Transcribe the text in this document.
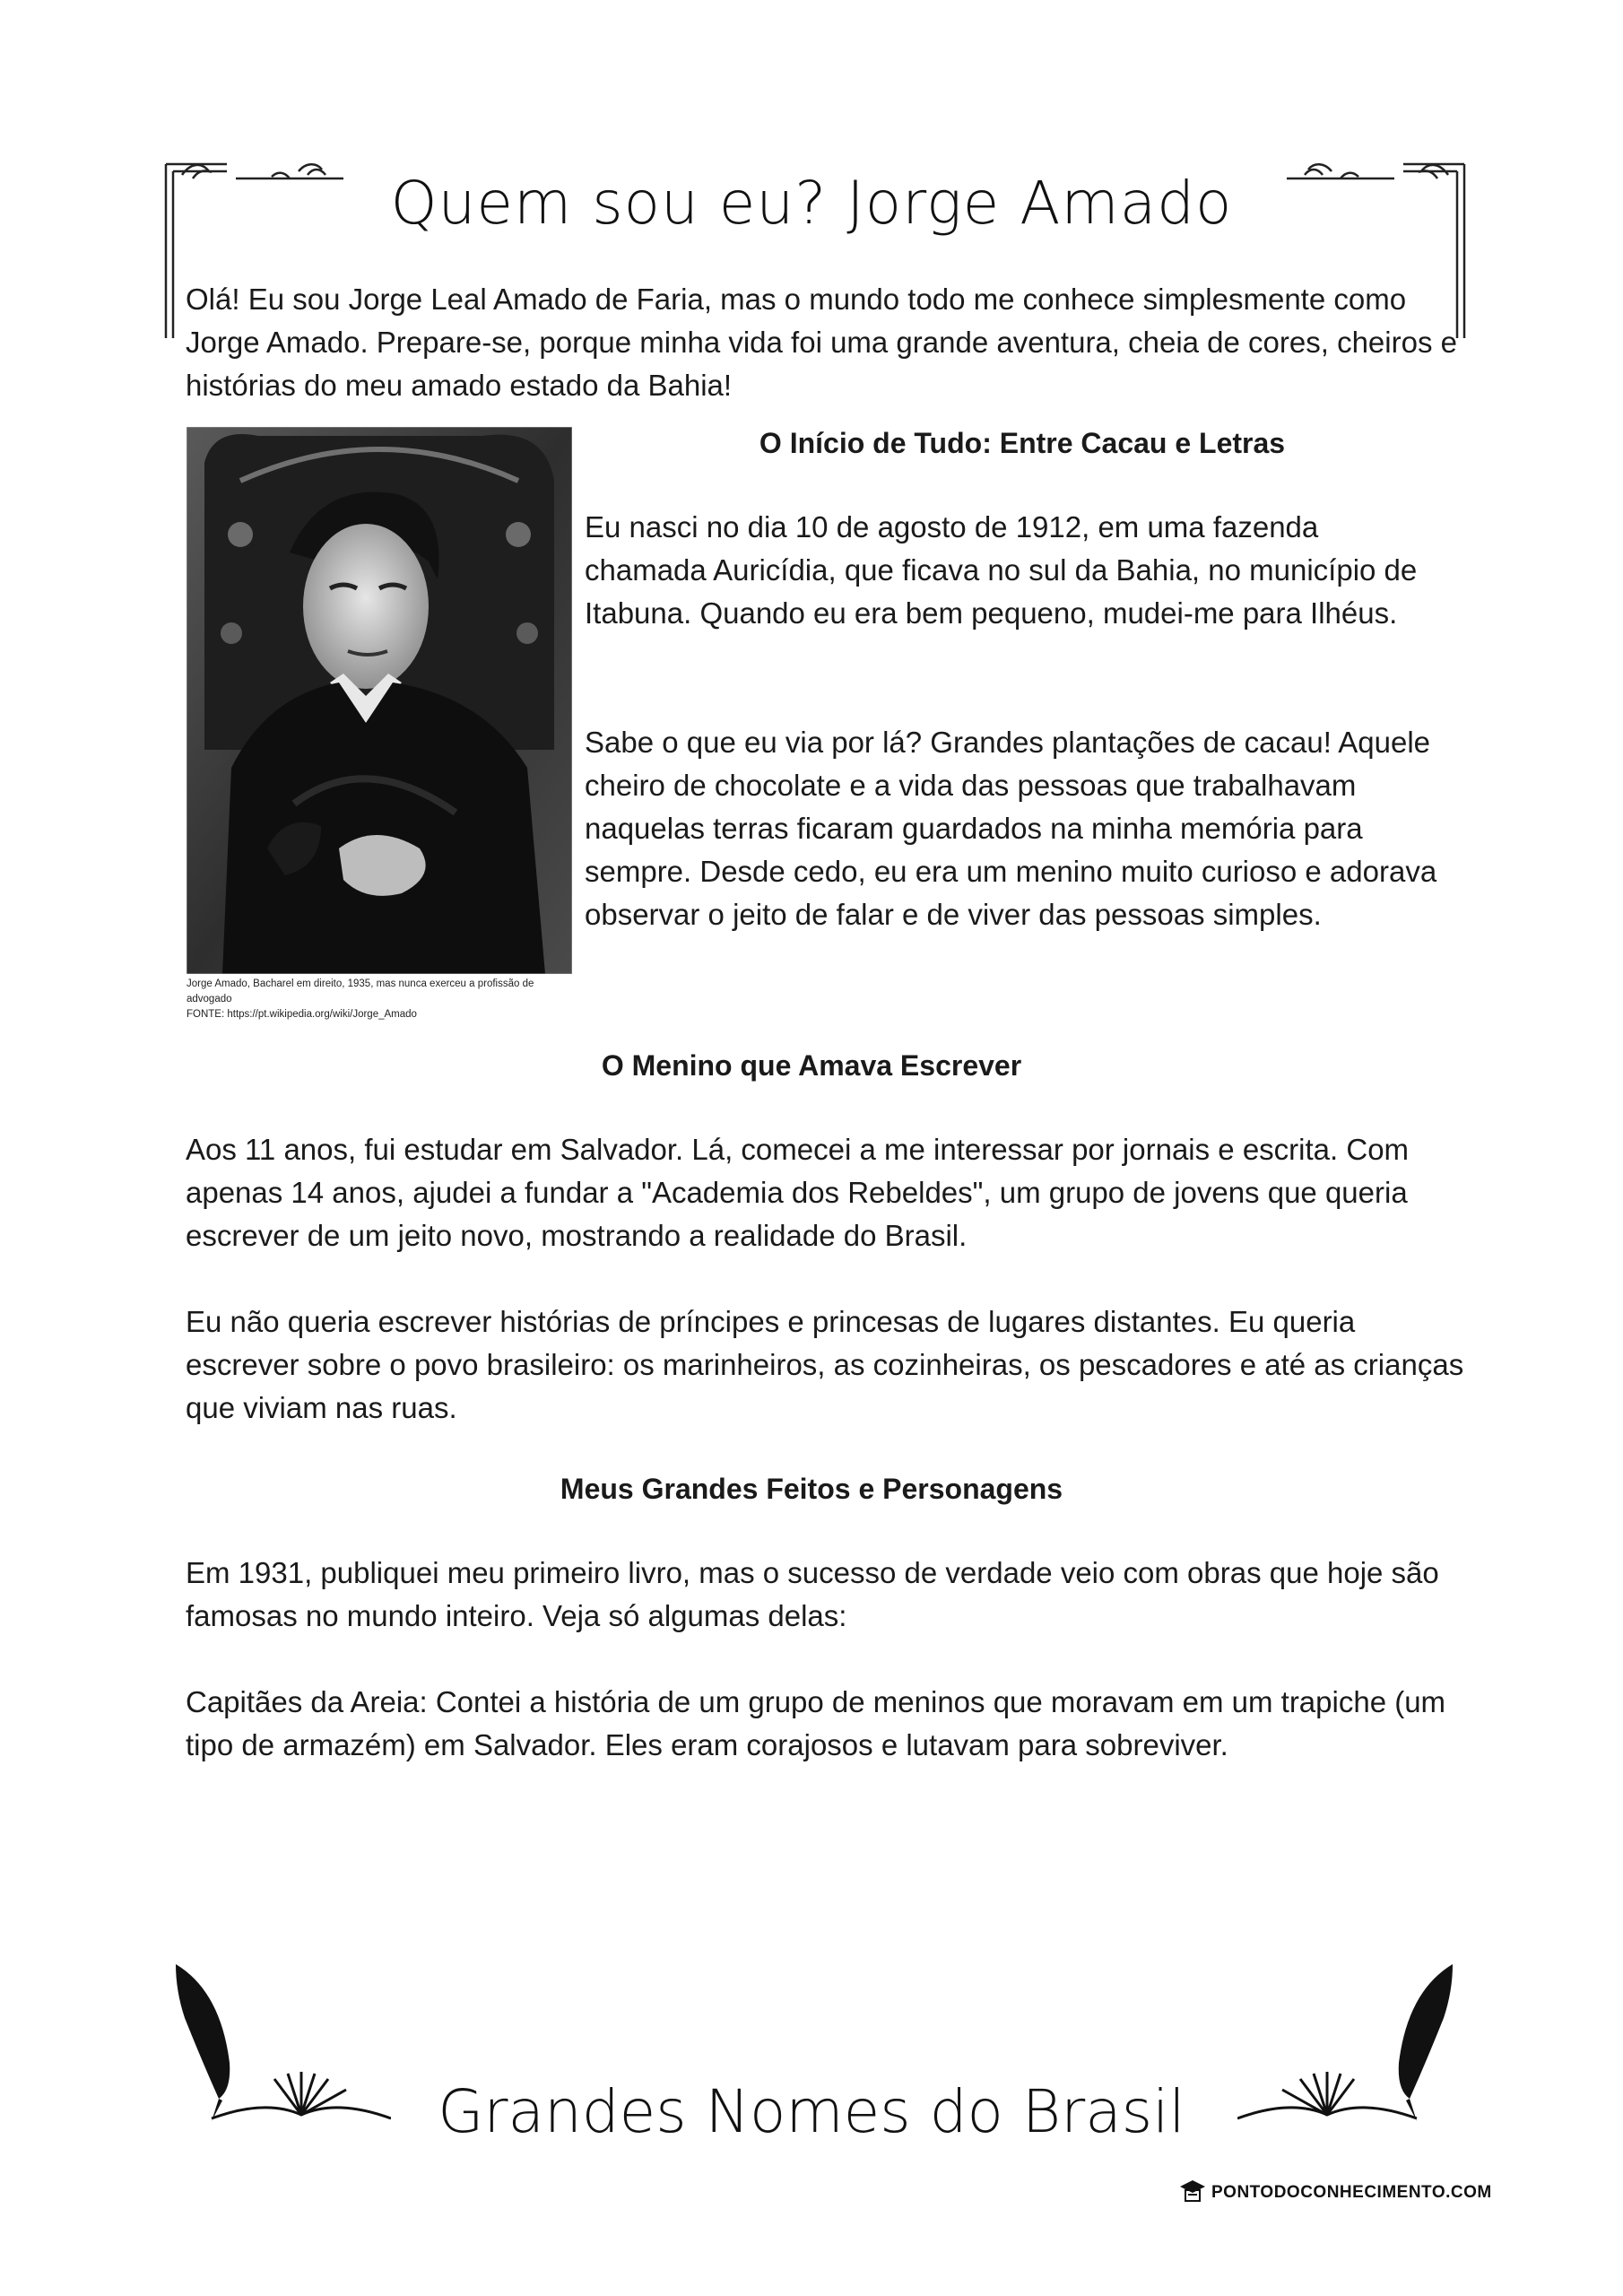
Quem sou eu? Jorge Amado

Olá! Eu sou Jorge Leal Amado de Faria, mas o mundo todo me conhece simplesmente como Jorge Amado. Prepare-se, porque minha vida foi uma grande aventura, cheia de cores, cheiros e histórias do meu amado estado da Bahia!

Jorge Amado, Bacharel em direito, 1935, mas nunca exerceu a profissão de advogado
FONTE: https://pt.wikipedia.org/wiki/Jorge_Amado

O Início de Tudo: Entre Cacau e Letras

Eu nasci no dia 10 de agosto de 1912, em uma fazenda chamada Auricídia, que ficava no sul da Bahia, no município de Itabuna. Quando eu era bem pequeno, mudei-me para Ilhéus.

Sabe o que eu via por lá? Grandes plantações de cacau! Aquele cheiro de chocolate e a vida das pessoas que trabalhavam naquelas terras ficaram guardados na minha memória para sempre. Desde cedo, eu era um menino muito curioso e adorava observar o jeito de falar e de viver das pessoas simples.

O Menino que Amava Escrever

Aos 11 anos, fui estudar em Salvador. Lá, comecei a me interessar por jornais e escrita. Com apenas 14 anos, ajudei a fundar a "Academia dos Rebeldes", um grupo de jovens que queria escrever de um jeito novo, mostrando a realidade do Brasil.

Eu não queria escrever histórias de príncipes e princesas de lugares distantes. Eu queria escrever sobre o povo brasileiro: os marinheiros, as cozinheiras, os pescadores e até as crianças que viviam nas ruas.

Meus Grandes Feitos e Personagens

Em 1931, publiquei meu primeiro livro, mas o sucesso de verdade veio com obras que hoje são famosas no mundo inteiro. Veja só algumas delas:

Capitães da Areia: Contei a história de um grupo de meninos que moravam em um trapiche (um tipo de armazém) em Salvador. Eles eram corajosos e lutavam para sobreviver.

Grandes Nomes do Brasil
PONTODOCONHECIMENTO.COM
